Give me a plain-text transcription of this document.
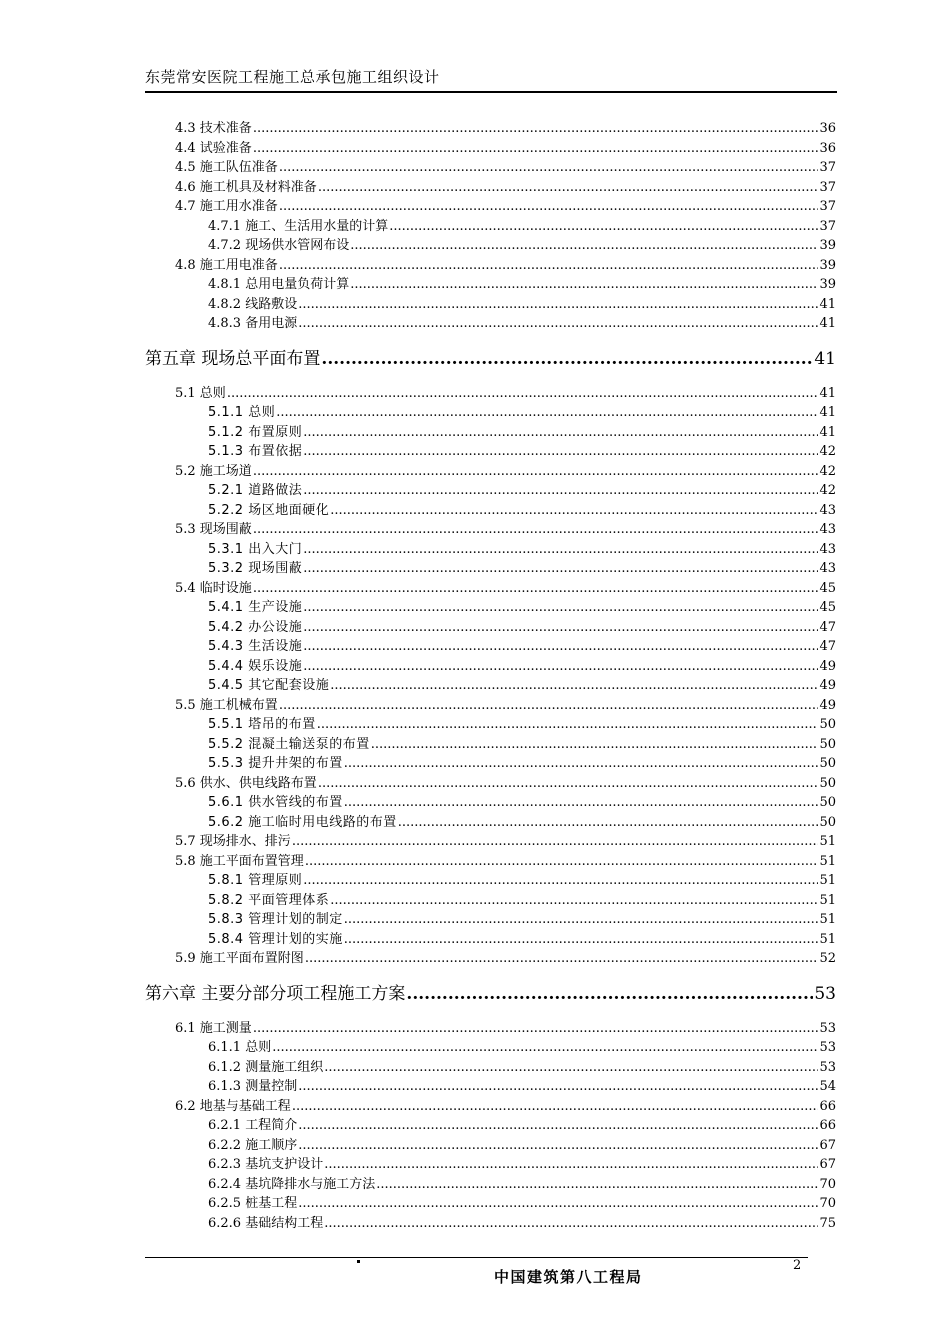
东莞常安医院工程施工总承包施工组织设计
4.3 技术准备 .....	36
4.4 试验准备 .....	36
4.5 施工队伍准备 .....	37
4.6 施工机具及材料准备 .....	37
4.7 施工用水准备 .....	37
4.7.1 施工、生活用水量的计算 .....	37
4.7.2 现场供水管网布设 .....	39
4.8 施工用电准备 .....	39
4.8.1 总用电量负荷计算 .....	39
4.8.2 线路敷设 .....	41
4.8.3 备用电源 .....	41
第五章 现场总平面布置 .....	41
5.1 总则 .....	41
5.1.1 总则 .....	41
5.1.2 布置原则 .....	41
5.1.3 布置依据 .....	42
5.2 施工场道 .....	42
5.2.1 道路做法 .....	42
5.2.2 场区地面硬化 .....	43
5.3 现场围蔽 .....	43
5.3.1 出入大门 .....	43
5.3.2 现场围蔽 .....	43
5.4 临时设施 .....	45
5.4.1 生产设施 .....	45
5.4.2 办公设施 .....	47
5.4.3 生活设施 .....	47
5.4.4 娱乐设施 .....	49
5.4.5 其它配套设施 .....	49
5.5 施工机械布置 .....	49
5.5.1 塔吊的布置 .....	50
5.5.2 混凝土输送泵的布置 .....	50
5.5.3 提升井架的布置 .....	50
5.6 供水、供电线路布置 .....	50
5.6.1 供水管线的布置 .....	50
5.6.2 施工临时用电线路的布置 .....	50
5.7 现场排水、排污 .....	51
5.8 施工平面布置管理 .....	51
5.8.1 管理原则 .....	51
5.8.2 平面管理体系 .....	51
5.8.3 管理计划的制定 .....	51
5.8.4 管理计划的实施 .....	51
5.9 施工平面布置附图 .....	52
第六章 主要分部分项工程施工方案 .....	53
6.1 施工测量 .....	53
6.1.1 总则 .....	53
6.1.2 测量施工组织 .....	53
6.1.3 测量控制 .....	54
6.2 地基与基础工程 .....	66
6.2.1 工程简介 .....	66
6.2.2 施工顺序 .....	67
6.2.3 基坑支护设计 .....	67
6.2.4 基坑降排水与施工方法 .....	70
6.2.5 桩基工程 .....	70
6.2.6 基础结构工程 .....	75
2
中国建筑第八工程局
